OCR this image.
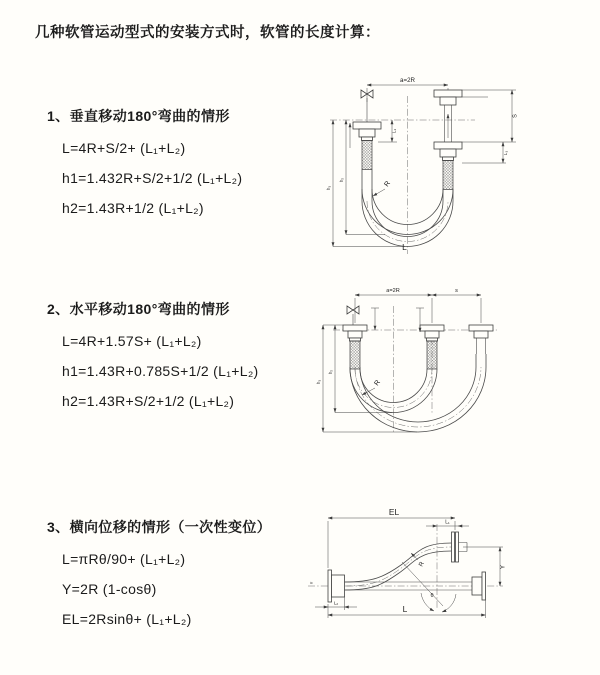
几种软管运动型式的安装方式时，软管的长度计算：

1、垂直移动180°弯曲的情形

L=4R+S/2+ (L₁+L₂)

h1=1.432R+S/2+1/2 (L₁+L₂)

h2=1.43R+1/2 (L₁+L₂)

2、水平移动180°弯曲的情形

L=4R+1.57S+ (L₁+L₂)

h1=1.43R+0.785S+1/2 (L₁+L₂)

h2=1.43R+S/2+1/2 (L₁+L₂)

3、横向位移的情形（一次性变位）

L=πRθ/90+ (L₁+L₂)

Y=2R (1-cosθ)

EL=2Rsinθ+ (L₁+L₂)

a=2R
L₁
S
L₁
h₁
h₂
R
L
a=2R	s
h₁
h₂
R
EL
L₁
≈
θ
R	Y
L
L₂
